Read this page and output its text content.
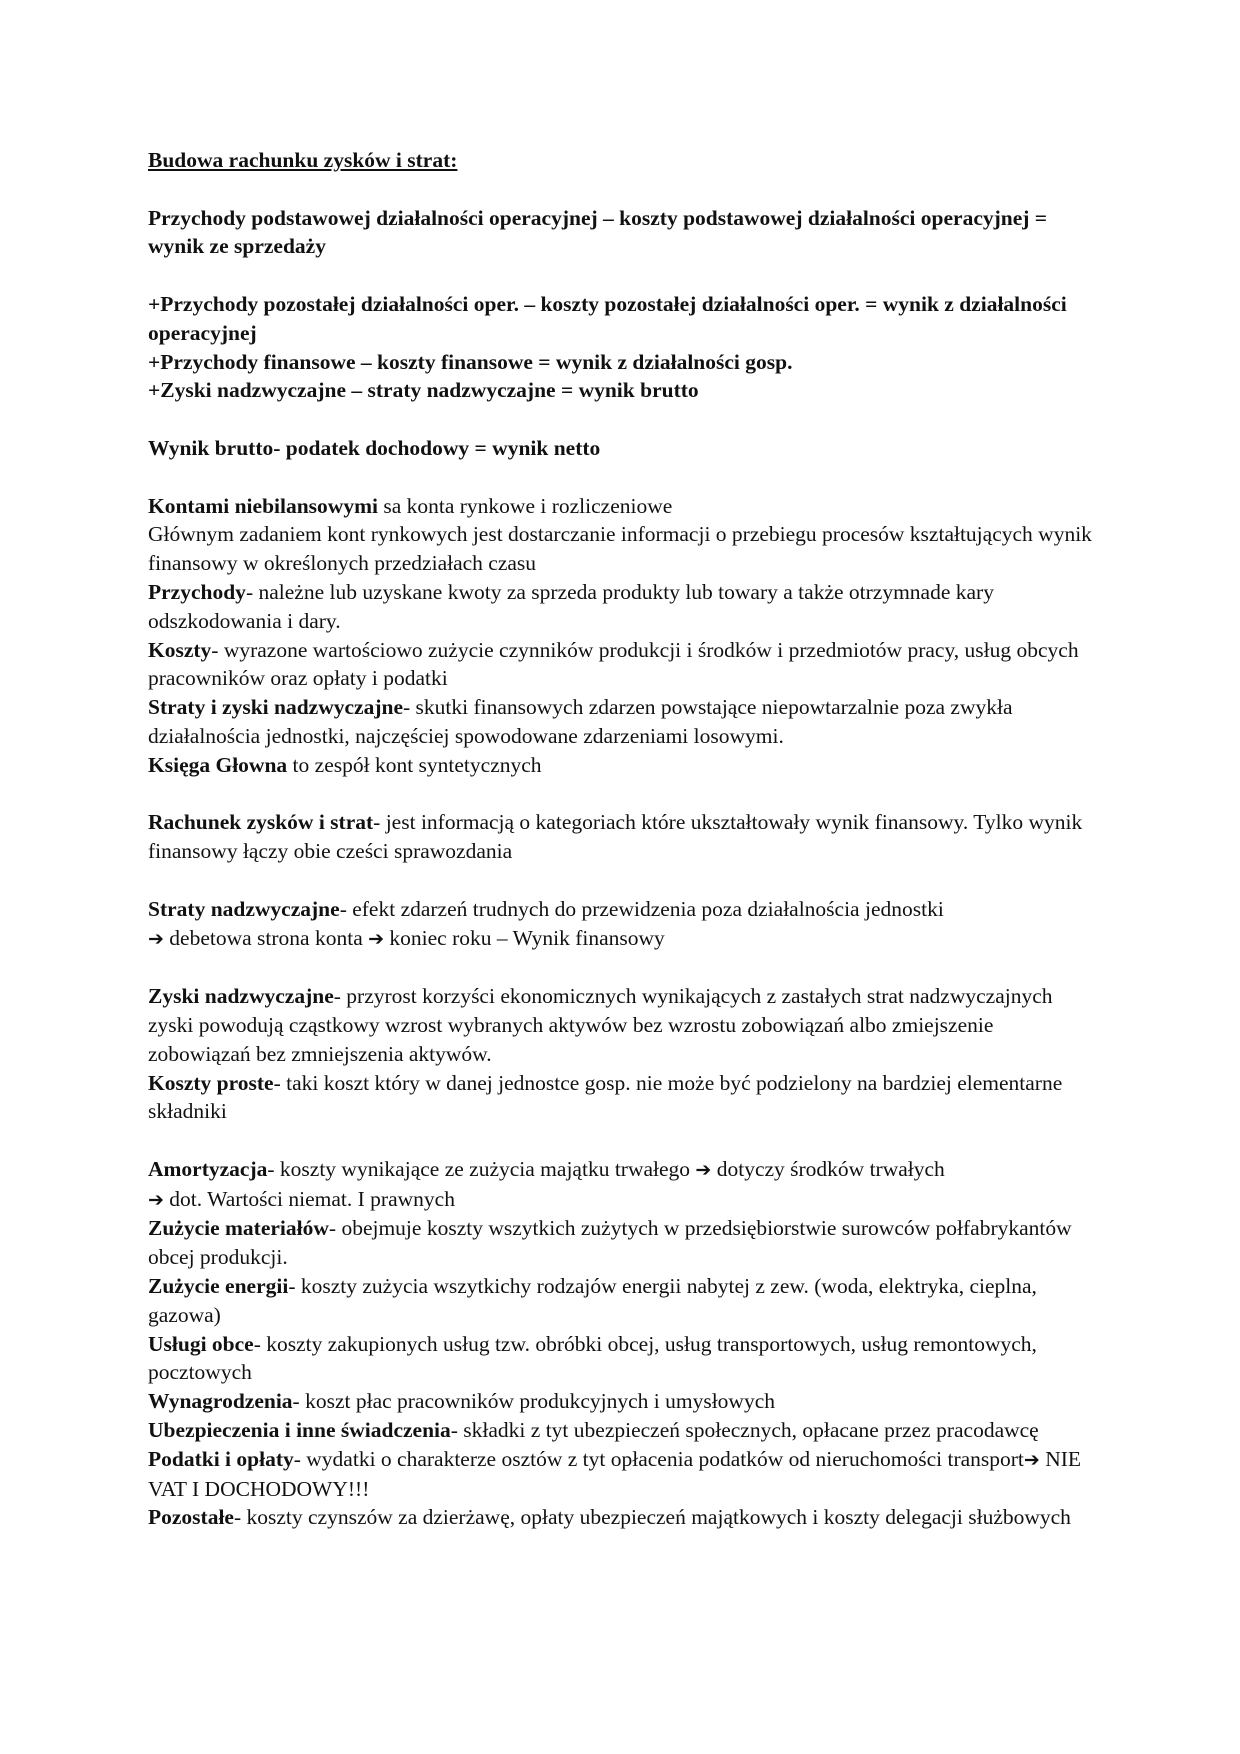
Budowa rachunku zysków i strat:

Przychody podstawowej działalności operacyjnej – koszty podstawowej działalności operacyjnej = wynik ze sprzedaży

+Przychody pozostałej działalności oper. – koszty pozostałej działalności oper. = wynik z działalności operacyjnej

+Przychody finansowe – koszty finansowe = wynik z działalności gosp.

+Zyski nadzwyczajne – straty nadzwyczajne = wynik brutto

Wynik brutto- podatek dochodowy = wynik netto

Kontami niebilansowymi sa konta rynkowe i rozliczeniowe

Głównym zadaniem kont rynkowych jest dostarczanie informacji o przebiegu procesów kształtujących wynik finansowy w określonych przedziałach czasu

Przychody- należne lub uzyskane kwoty za sprzeda produkty lub towary a także otrzymnade kary odszkodowania i dary.

Koszty- wyrazone wartościowo zużycie czynników produkcji i środków i przedmiotów pracy, usług obcych pracowników oraz opłaty i podatki

Straty i zyski nadzwyczajne- skutki finansowych zdarzen powstające niepowtarzalnie poza zwykła działalnościa jednostki, najczęściej spowodowane zdarzeniami losowymi.

Księga Głowna to zespół kont syntetycznych

Rachunek zysków i strat- jest informacją o kategoriach które ukształtowały wynik finansowy. Tylko wynik finansowy łączy obie cześci sprawozdania

Straty nadzwyczajne- efekt zdarzeń trudnych do przewidzenia poza działalnościa jednostki

➔ debetowa strona konta ➔ koniec roku – Wynik finansowy

Zyski nadzwyczajne- przyrost korzyści ekonomicznych wynikających z zastałych strat nadzwyczajnych zyski powodują cząstkowy wzrost wybranych aktywów bez wzrostu zobowiązań albo zmiejszenie zobowiązań bez zmniejszenia aktywów.

Koszty proste- taki koszt który w danej jednostce gosp. nie może być podzielony na bardziej elementarne składniki

Amortyzacja- koszty wynikające ze zużycia majątku trwałego ➔ dotyczy środków trwałych

➔ dot. Wartości niemat. I prawnych

Zużycie materiałów- obejmuje koszty wszytkich zużytych w przedsiębiorstwie surowców połfabrykantów obcej produkcji.

Zużycie energii- koszty zużycia wszytkichy rodzajów energii nabytej z zew. (woda, elektryka, cieplna, gazowa)

Usługi obce- koszty zakupionych usług tzw. obróbki obcej, usług transportowych, usług remontowych, pocztowych

Wynagrodzenia- koszt płac pracowników produkcyjnych i umysłowych

Ubezpieczenia i inne świadczenia- składki z tyt ubezpieczeń społecznych, opłacane przez pracodawcę

Podatki i opłaty- wydatki o charakterze osztów z tyt opłacenia podatków od nieruchomości transport➔ NIE VAT I DOCHODOWY!!!

Pozostałe- koszty czynszów za dzierżawę, opłaty ubezpieczeń majątkowych i koszty delegacji służbowych
